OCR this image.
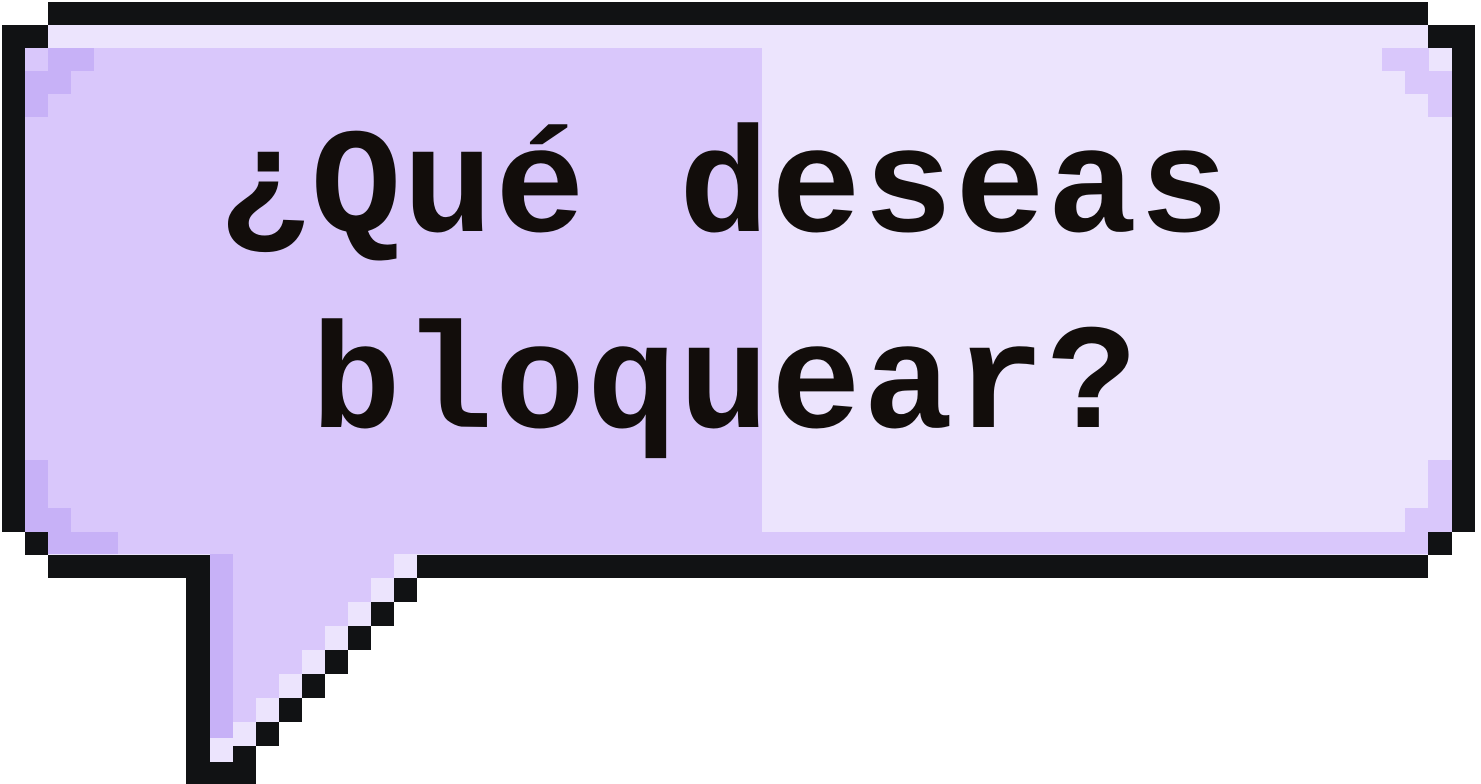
¿Qué deseas
bloquear?
